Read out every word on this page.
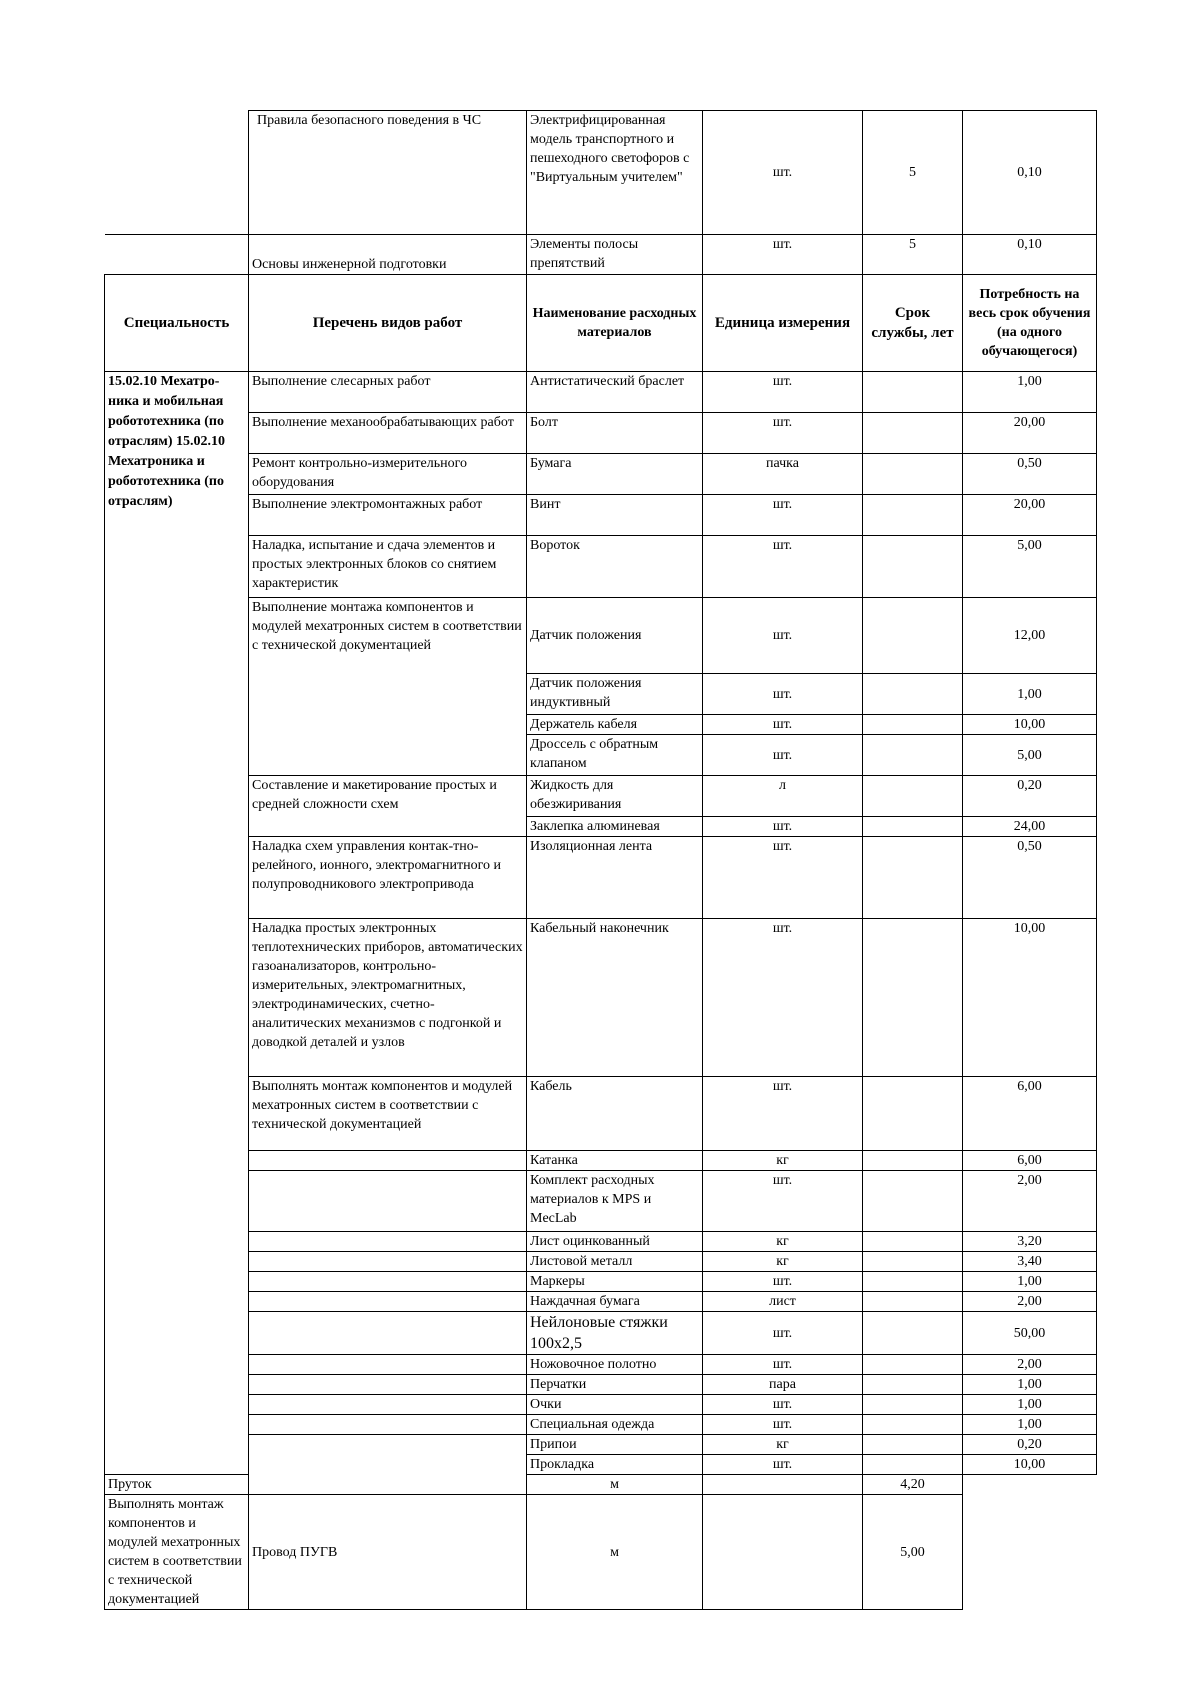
	Правила безопасного поведения в ЧС	Электрифицированная модель транспортного и пешеходного светофоров с "Виртуальным учителем"	шт.	5	0,10
	Основы инженерной подготовки	Элементы полосы препятствий	шт.	5	0,10
Специальность	Перечень видов работ	Наименование расходных материалов	Единица измерения	Срок службы, лет	Потребность на весь срок обучения (на одного обучающегося)
15.02.10 Мехатро-ника и мобильная робототехника (по отраслям) 15.02.10 Мехатроника и робототехника (по отраслям)	Выполнение слесарных работ	Антистатический браслет	шт.		1,00
	Выполнение механообрабатывающих работ	Болт	шт.		20,00
	Ремонт контрольно-измерительного оборудования	Бумага	пачка		0,50
	Выполнение электромонтажных работ	Винт	шт.		20,00
	Наладка, испытание и сдача элементов и простых электронных блоков со снятием характеристик	Вороток	шт.		5,00
	Выполнение монтажа компонентов и модулей мехатронных систем в соответствии с технической документацией	Датчик положения	шт.		12,00
		Датчик положения индуктивный	шт.		1,00
		Держатель кабеля	шт.		10,00
		Дроссель с обратным клапаном	шт.		5,00
	Составление и макетирование простых и средней сложности схем	Жидкость для обезжиривания	л		0,20
		Заклепка алюминевая	шт.		24,00
	Наладка схем управления контак-тно-релейного, ионного, электромагнитного и полупроводникового электропривода	Изоляционная лента	шт.		0,50
	Наладка простых электронных теплотехнических приборов, автоматических газоанализаторов, контрольно-измерительных, электромагнитных, электродинамических, счетно-аналитических механизмов с подгонкой и доводкой деталей и узлов	Кабельный наконечник	шт.		10,00

	Выполнять монтаж компонентов и модулей мехатронных систем в соответствии с технической документацией	Кабель	шт.		6,00
		Катанка	кг		6,00
		Комплект расходных материалов к MPS и MecLab	шт.		2,00
		Лист оцинкованный	кг		3,20
		Листовой металл	кг		3,40
		Маркеры	шт.		1,00
		Наждачная бумага	лист		2,00
		Нейлоновые стяжки 100х2,5	шт.		50,00
		Ножовочное полотно	шт.		2,00
		Перчатки	пара		1,00
		Очки	шт.		1,00
		Специальная одежда	шт.		1,00
		Припои	кг		0,20
		Прокладка	шт.		10,00
Пруток		м		4,20	
Выполнять монтаж компонентов и модулей мехатронных систем в соответствии с технической документацией	Провод ПУГВ	м		5,00	
